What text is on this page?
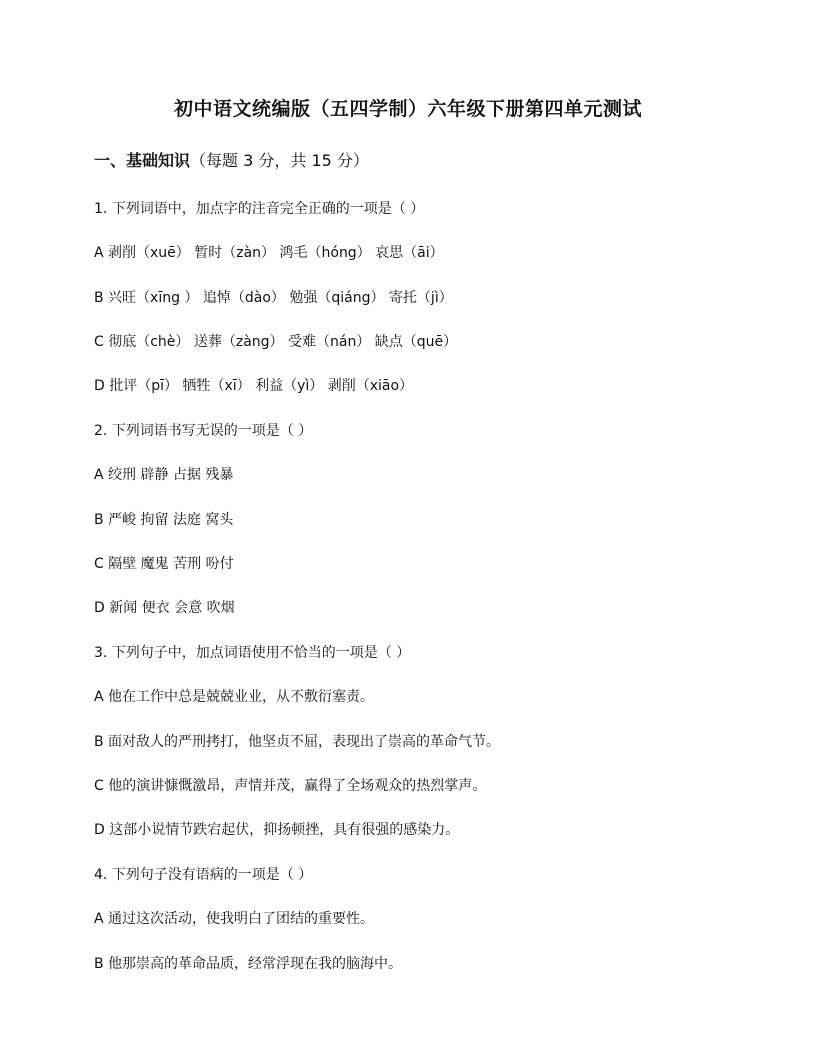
初中语文统编版（五四学制）六年级下册第四单元测试
一、基础知识（每题 3 分，共 15 分）
1. 下列词语中，加点字的注音完全正确的一项是（ ）
A 剥削（xuē） 暂时（zàn） 鸿毛（hóng） 哀思（āi）
B 兴旺（xīng ） 追悼（dào） 勉强（qiáng） 寄托（jì）
C 彻底（chè） 送葬（zàng） 受难（nán） 缺点（quē）
D 批评（pī） 牺牲（xī） 利益（yì） 剥削（xiāo）
2. 下列词语书写无误的一项是（ ）
A 绞刑 辟静 占据 残暴
B 严峻 拘留 法庭 窝头
C 隔壁 魔鬼 苦刑 吩付
D 新闻 便衣 会意 吹烟
3. 下列句子中，加点词语使用不恰当的一项是（ ）
A 他在工作中总是兢兢业业，从不敷衍塞责。
B 面对敌人的严刑拷打，他坚贞不屈，表现出了崇高的革命气节。
C 他的演讲慷慨激昂，声情并茂，赢得了全场观众的热烈掌声。
D 这部小说情节跌宕起伏，抑扬顿挫，具有很强的感染力。
4. 下列句子没有语病的一项是（ ）
A 通过这次活动，使我明白了团结的重要性。
B 他那崇高的革命品质，经常浮现在我的脑海中。
